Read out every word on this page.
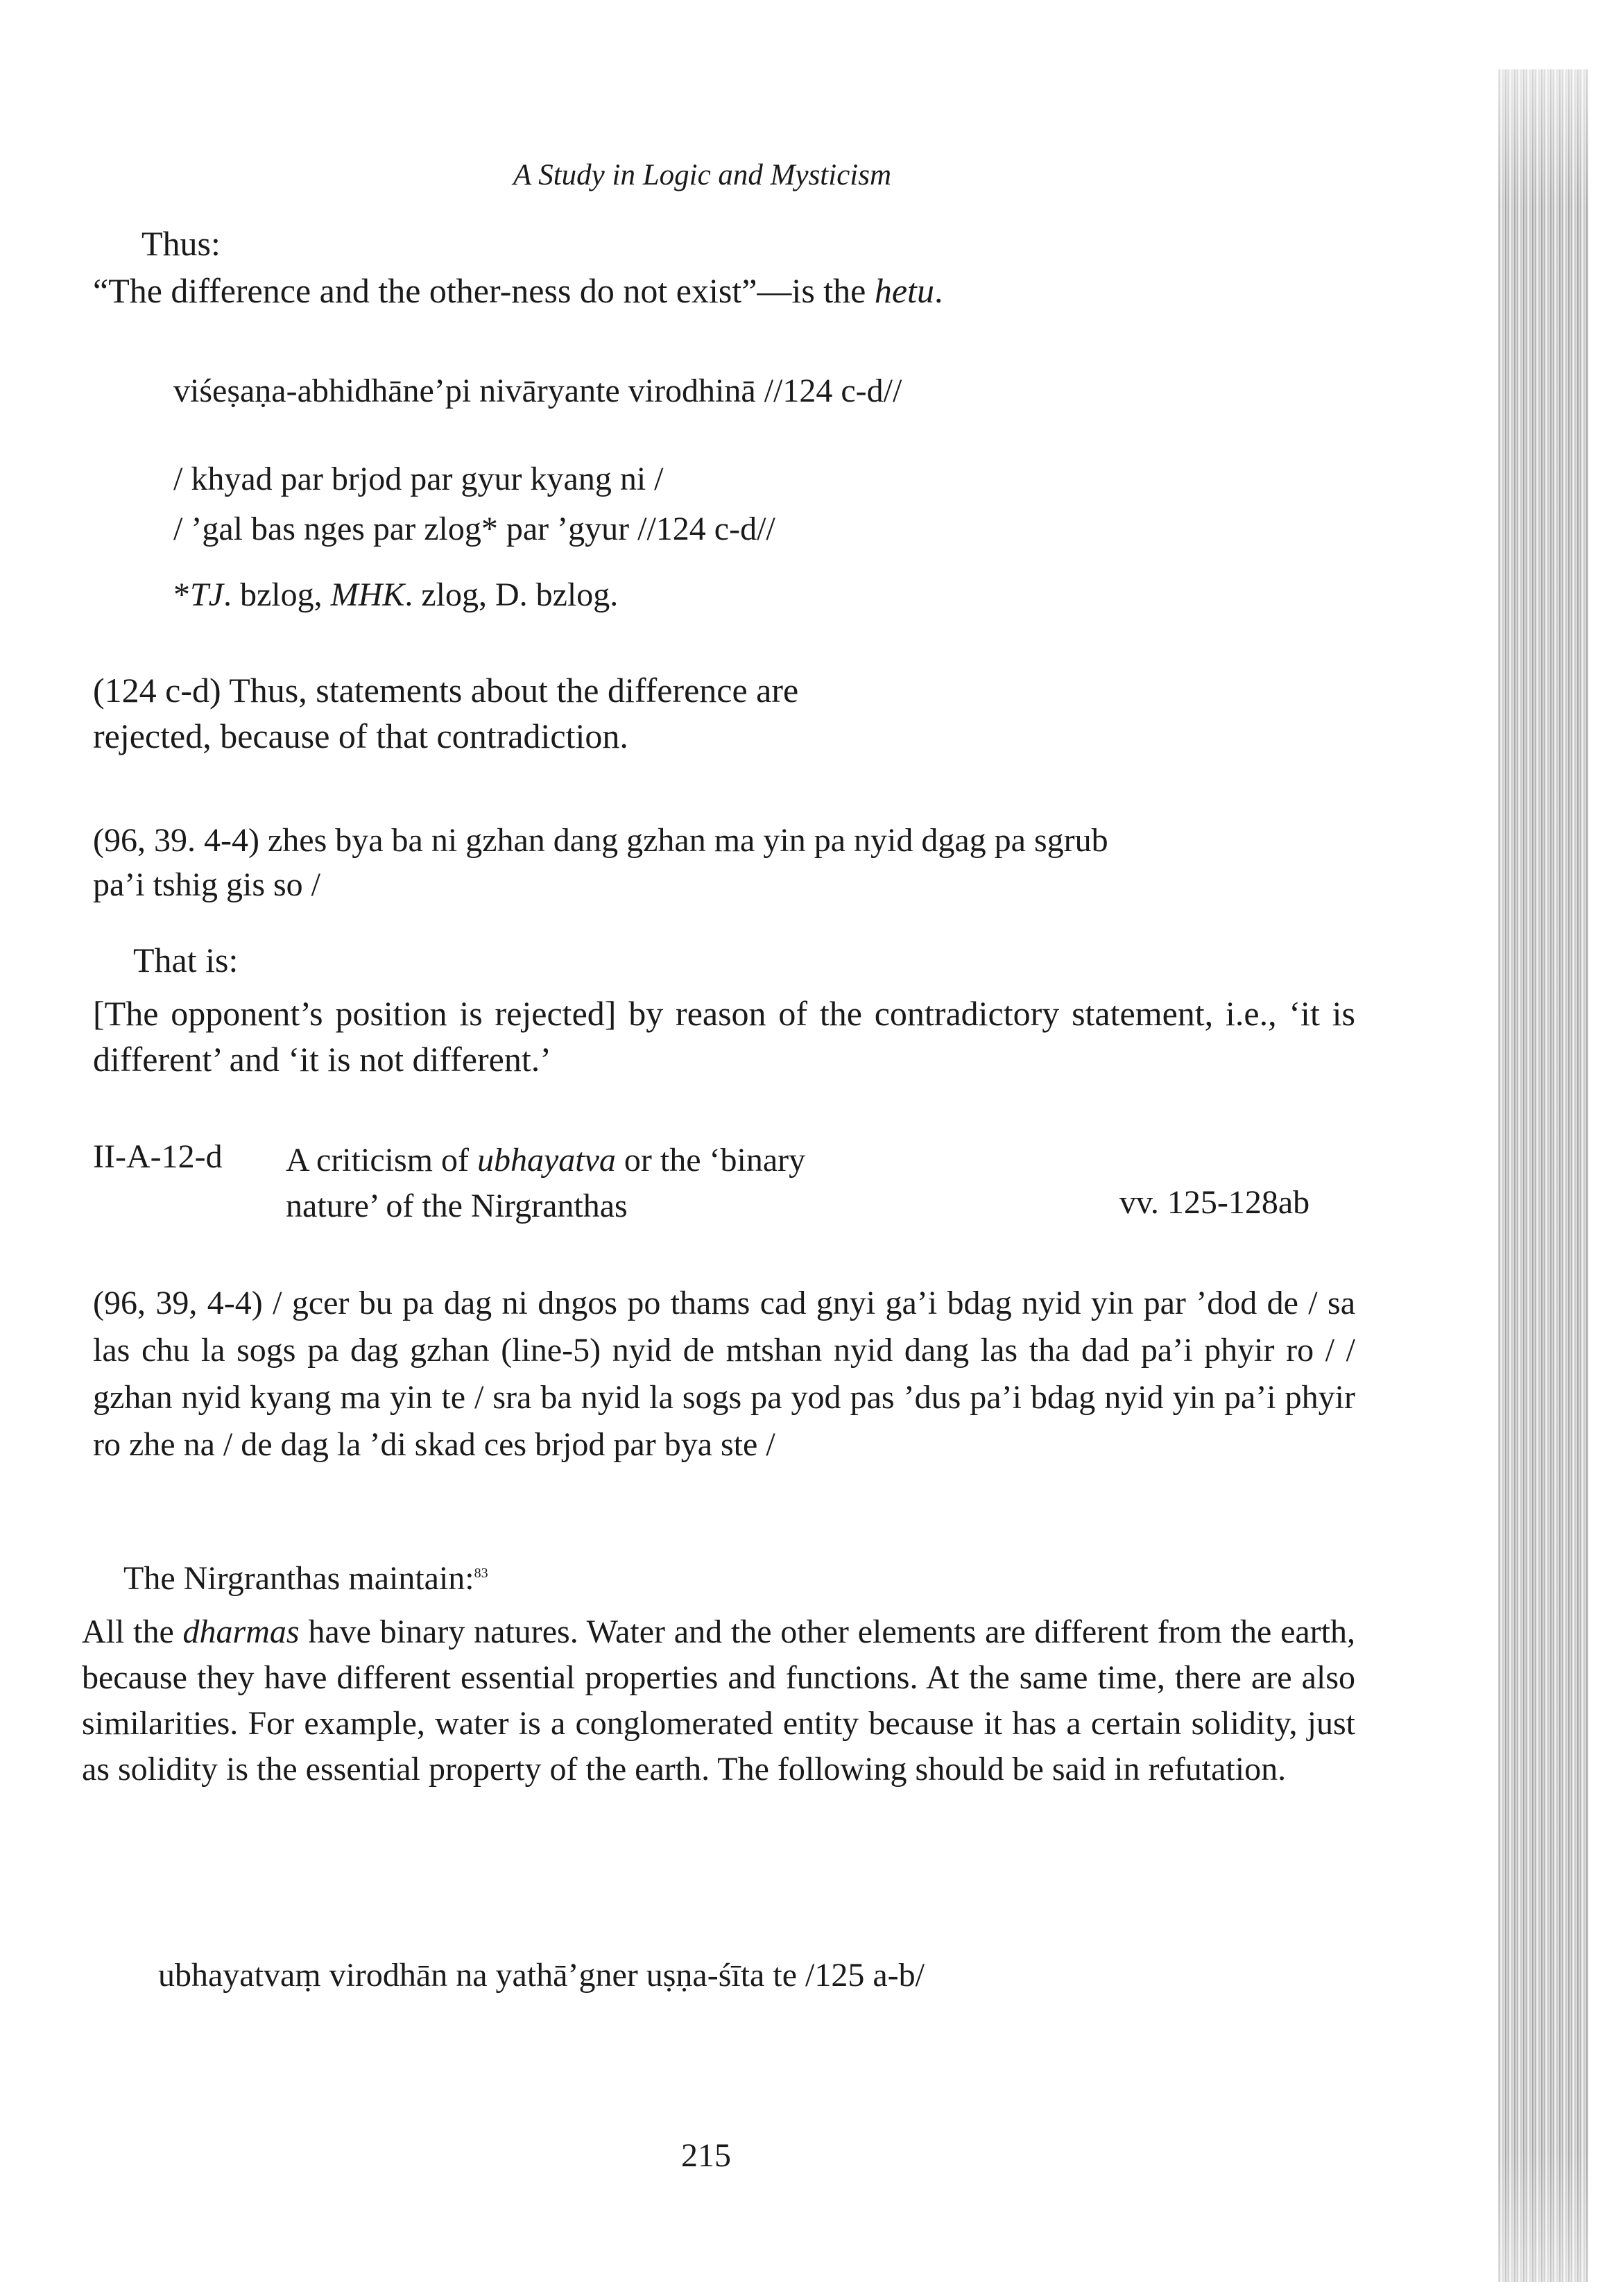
A Study in Logic and Mysticism
Thus:
“The difference and the other-ness do not exist”—is the hetu.
viśeṣaṇa-abhidhāne’pi nivāryante virodhinā //124 c-d//
/ khyad par brjod par gyur kyang ni /
/ ’gal bas nges par zlog* par ’gyur //124 c-d//
*TJ. bzlog, MHK. zlog, D. bzlog.
(124 c-d) Thus, statements about the difference are
rejected, because of that contradiction.
(96, 39. 4-4) zhes bya ba ni gzhan dang gzhan ma yin pa nyid dgag pa sgrub
pa’i tshig gis so /
That is:
[The opponent’s position is rejected] by reason of the contradictory statement, i.e., ‘it is different’ and ‘it is not different.’
II-A-12-d A criticism of ubhayatva or the ‘binary
nature’ of the Nirgranthas	vv. 125-128ab
(96, 39, 4-4) / gcer bu pa dag ni dngos po thams cad gnyi ga’i bdag nyid yin par ’dod de / sa las chu la sogs pa dag gzhan (line-5) nyid de mtshan nyid dang las tha dad pa’i phyir ro / / gzhan nyid kyang ma yin te / sra ba nyid la sogs pa yod pas ’dus pa’i bdag nyid yin pa’i phyir ro zhe na / de dag la ’di skad ces brjod par bya ste /
The Nirgranthas maintain:$^{83}$
All the dharmas have binary natures. Water and the other elements are different from the earth, because they have different essential properties and functions. At the same time, there are also similarities. For example, water is a conglomerated entity because it has a certain solidity, just as solidity is the essential property of the earth. The following should be said in refutation.
ubhayatvaṃ virodhān na yathā’gner uṣṇa-śīta te /125 a-b/
215
